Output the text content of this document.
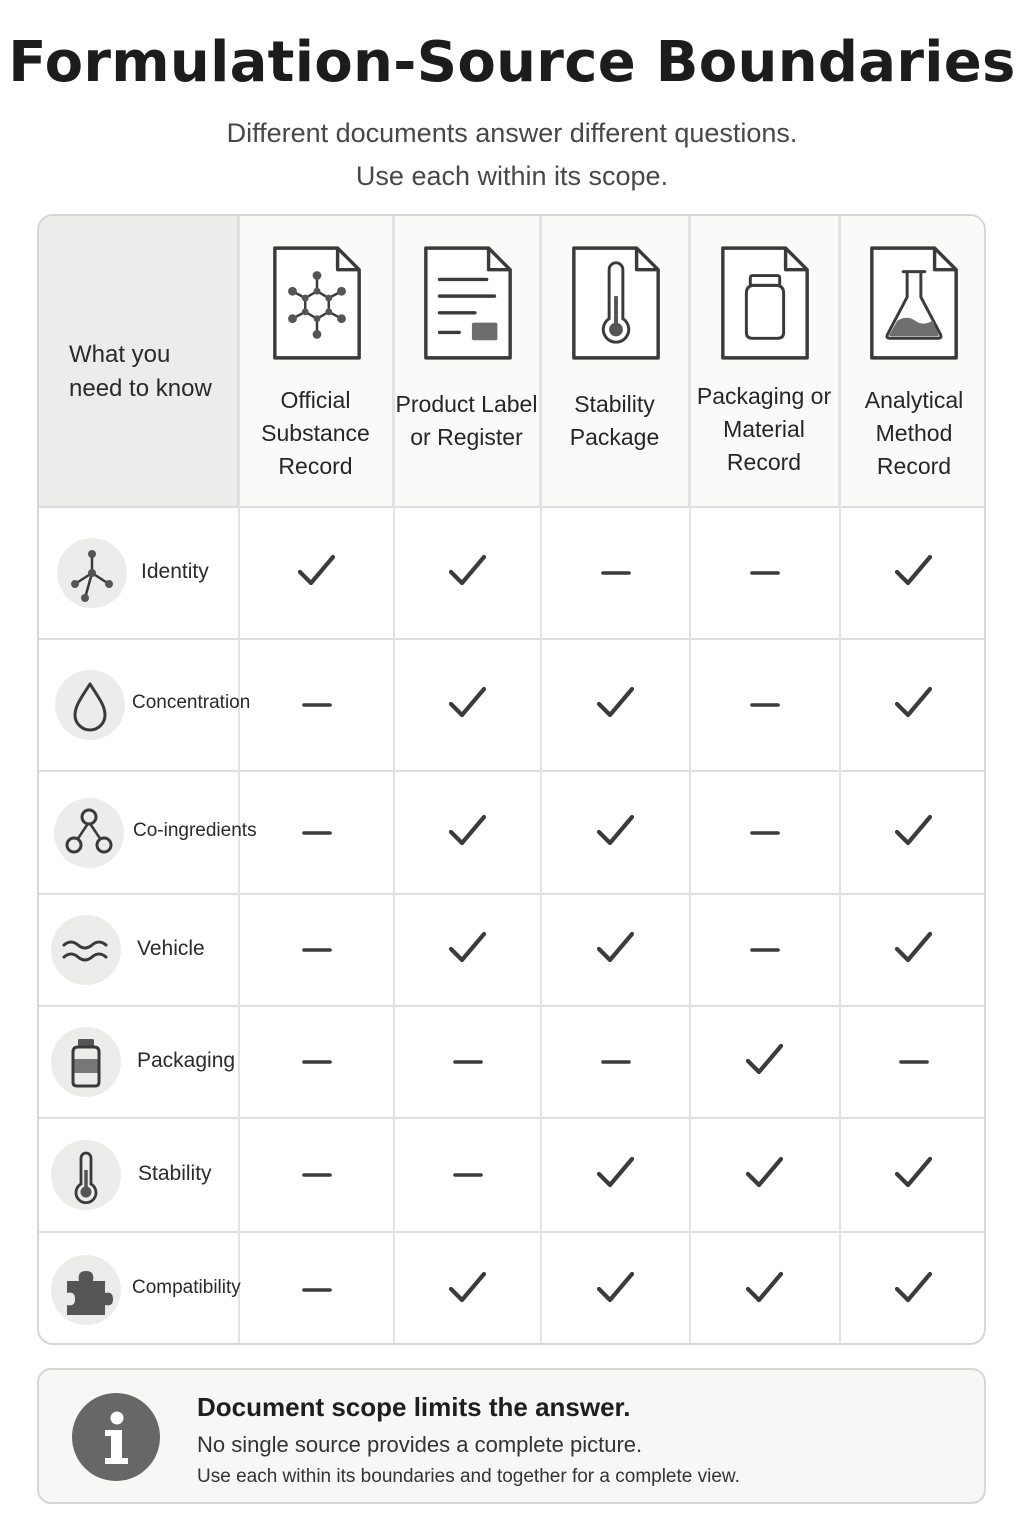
Formulation-Source Boundaries
Different documents answer different questions.
Use each within its scope.
What you
need to know	Official
Substance
Record
Product Label
or Register
Stability
Package
Packaging or
Material
Record
Analytical
Method
Record
Identity
Concentration
Co-ingredients
Vehicle
Packaging
Stability
Compatibility
Document scope limits the answer.
No single source provides a complete picture.
Use each within its boundaries and together for a complete view.
